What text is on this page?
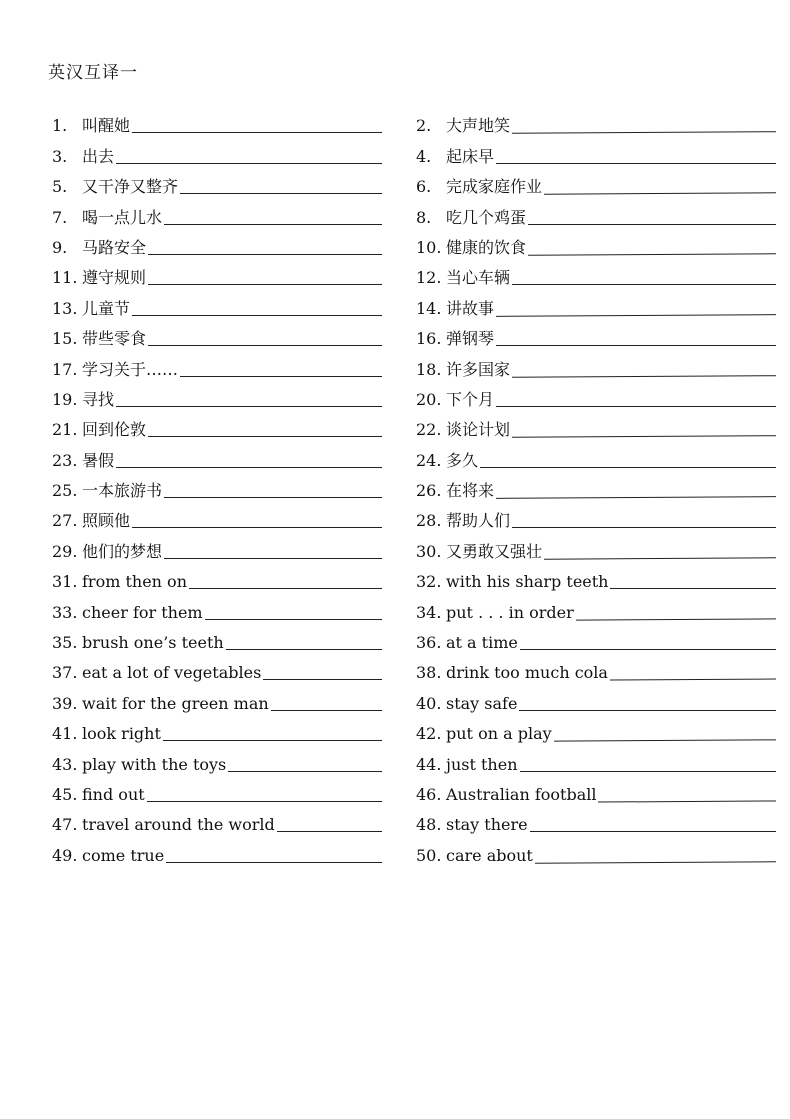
英汉互译一
1. 叫醒她
3. 出去
5. 又干净又整齐
7. 喝一点儿水
9. 马路安全
11. 遵守规则
13. 儿童节
15. 带些零食
17. 学习关于……
19. 寻找
21. 回到伦敦
23. 暑假
25. 一本旅游书
27. 照顾他
29. 他们的梦想
31. from then on
33. cheer for them
35. brush one’s teeth
37. eat a lot of vegetables
39. wait for the green man
41. look right
43. play with the toys
45. find out
47. travel around the world
49. come true
2. 大声地笑
4. 起床早
6. 完成家庭作业
8. 吃几个鸡蛋
10. 健康的饮食
12. 当心车辆
14. 讲故事
16. 弹钢琴
18. 许多国家
20. 下个月
22. 谈论计划
24. 多久
26. 在将来
28. 帮助人们
30. 又勇敢又强壮
32. with his sharp teeth
34. put . . . in order
36. at a time
38. drink too much cola
40. stay safe
42. put on a play
44. just then
46. Australian football
48. stay there
50. care about
